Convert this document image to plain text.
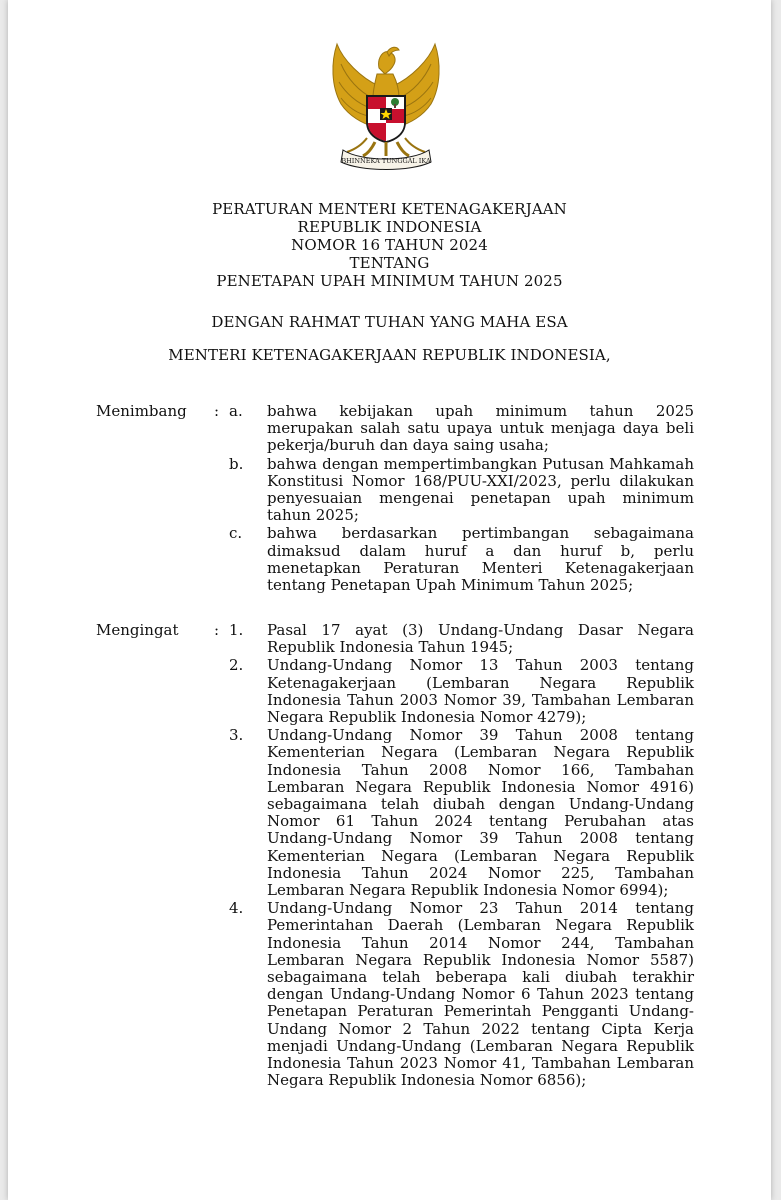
BHINNEKA TUNGGAL IKA
PERATURAN MENTERI KETENAGAKERJAAN
REPUBLIK INDONESIA
NOMOR 16 TAHUN 2024
TENTANG
PENETAPAN UPAH MINIMUM TAHUN 2025
DENGAN RAHMAT TUHAN YANG MAHA ESA
MENTERI KETENAGAKERJAAN REPUBLIK INDONESIA,
Menimbang	: a.	bahwa kebijakan upah minimum tahun 2025 merupakan salah satu upaya untuk menjaga daya beli pekerja/buruh dan daya saing usaha;
b.	bahwa dengan mempertimbangkan Putusan Mahkamah Konstitusi Nomor 168/PUU-XXI/2023, perlu dilakukan penyesuaian mengenai penetapan upah minimum tahun 2025;
c.	bahwa berdasarkan pertimbangan sebagaimana dimaksud dalam huruf a dan huruf b, perlu menetapkan Peraturan Menteri Ketenagakerjaan tentang Penetapan Upah Minimum Tahun 2025;
Mengingat	: 1.	Pasal 17 ayat (3) Undang-Undang Dasar Negara Republik Indonesia Tahun 1945;
2.	Undang-Undang Nomor 13 Tahun 2003 tentang Ketenagakerjaan (Lembaran Negara Republik Indonesia Tahun 2003 Nomor 39, Tambahan Lembaran Negara Republik Indonesia Nomor 4279);
3.	Undang-Undang Nomor 39 Tahun 2008 tentang Kementerian Negara (Lembaran Negara Republik Indonesia Tahun 2008 Nomor 166, Tambahan Lembaran Negara Republik Indonesia Nomor 4916) sebagaimana telah diubah dengan Undang-Undang Nomor 61 Tahun 2024 tentang Perubahan atas Undang-Undang Nomor 39 Tahun 2008 tentang Kementerian Negara (Lembaran Negara Republik Indonesia Tahun 2024 Nomor 225, Tambahan Lembaran Negara Republik Indonesia Nomor 6994);
4.	Undang-Undang Nomor 23 Tahun 2014 tentang Pemerintahan Daerah (Lembaran Negara Republik Indonesia Tahun 2014 Nomor 244, Tambahan Lembaran Negara Republik Indonesia Nomor 5587) sebagaimana telah beberapa kali diubah terakhir dengan Undang-Undang Nomor 6 Tahun 2023 tentang Penetapan Peraturan Pemerintah Pengganti Undang-Undang Nomor 2 Tahun 2022 tentang Cipta Kerja menjadi Undang-Undang (Lembaran Negara Republik Indonesia Tahun 2023 Nomor 41, Tambahan Lembaran Negara Republik Indonesia Nomor 6856);
